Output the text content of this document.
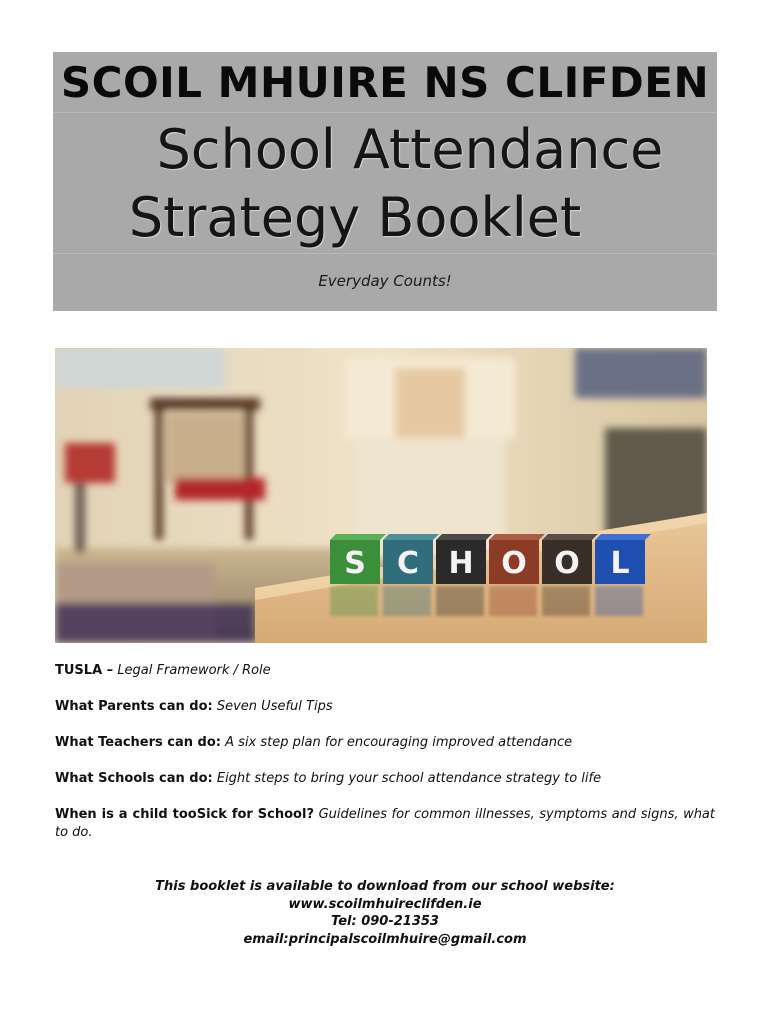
SCOIL MHUIRE NS CLIFDEN
School Attendance
Strategy Booklet
Everyday Counts!
S C H O O L
TUSLA – Legal Framework / Role
What Parents can do: Seven Useful Tips
What Teachers can do: A six step plan for encouraging improved attendance
What Schools can do: Eight steps to bring your school attendance strategy to life
When is a child tooSick for School? Guidelines for common illnesses, symptoms and signs, what to do.
This booklet is available to download from our school website:
www.scoilmhuireclifden.ie
Tel: 090-21353
email:principalscoilmhuire@gmail.com
